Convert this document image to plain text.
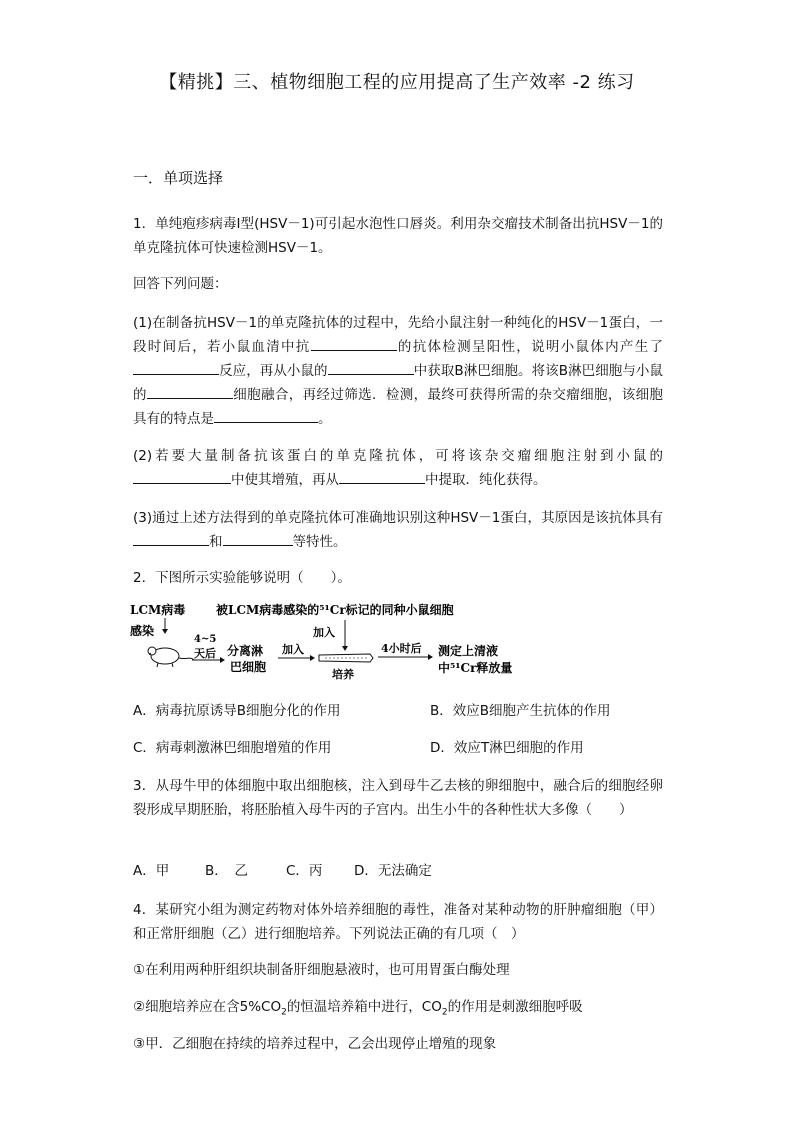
【精挑】三、植物细胞工程的应用提高了生产效率 -2 练习
一．单项选择
1．单纯疱疹病毒Ⅰ型(HSV－1)可引起水泡性口唇炎。利用杂交瘤技术制备出抗HSV－1的单克隆抗体可快速检测HSV－1。
回答下列问题：
(1)在制备抗HSV－1的单克隆抗体的过程中，先给小鼠注射一种纯化的HSV－1蛋白，一段时间后，若小鼠血清中抗	的抗体检测呈阳性，说明小鼠体内产生了反应，再从小鼠的	中获取B淋巴细胞。将该B淋巴细胞与小鼠的	细胞融合，再经过筛选．检测，最终可获得所需的杂交瘤细胞，该细胞具有的特点是	。
(2)若要大量制备抗该蛋白的单克隆抗体，可将该杂交瘤细胞注射到小鼠的中使其增殖，再从	中提取．纯化获得。
(3)通过上述方法得到的单克隆抗体可准确地识别这种HSV－1蛋白，其原因是该抗体具有和	等特性。
2．下图所示实验能够说明（　　）。
LCM病毒	被LCM病毒感染的⁵¹Cr标记的同种小鼠细胞
感染
4~5
天后 分离淋
巴细胞
加入
加入
培养
4小时后 测定上清液
中⁵¹Cr释放量
A．病毒抗原诱导B细胞分化的作用	B．效应B细胞产生抗体的作用
C．病毒刺激淋巴细胞增殖的作用	D．效应T淋巴细胞的作用
3．从母牛甲的体细胞中取出细胞核，注入到母牛乙去核的卵细胞中，融合后的细胞经卵裂形成早期胚胎，将胚胎植入母牛丙的子宫内。出生小牛的各种性状大多像（　　）
A．甲	B．　乙	C．丙 D．无法确定
4．某研究小组为测定药物对体外培养细胞的毒性，准备对某种动物的肝肿瘤细胞（甲）和正常肝细胞（乙）进行细胞培养。下列说法正确的有几项（　）
①在利用两种肝组织块制备肝细胞悬液时，也可用胃蛋白酶处理
②细胞培养应在含$5\%CO_2$的恒温培养箱中进行，$CO_2$的作用是刺激细胞呼吸
③甲．乙细胞在持续的培养过程中，乙会出现停止增殖的现象
